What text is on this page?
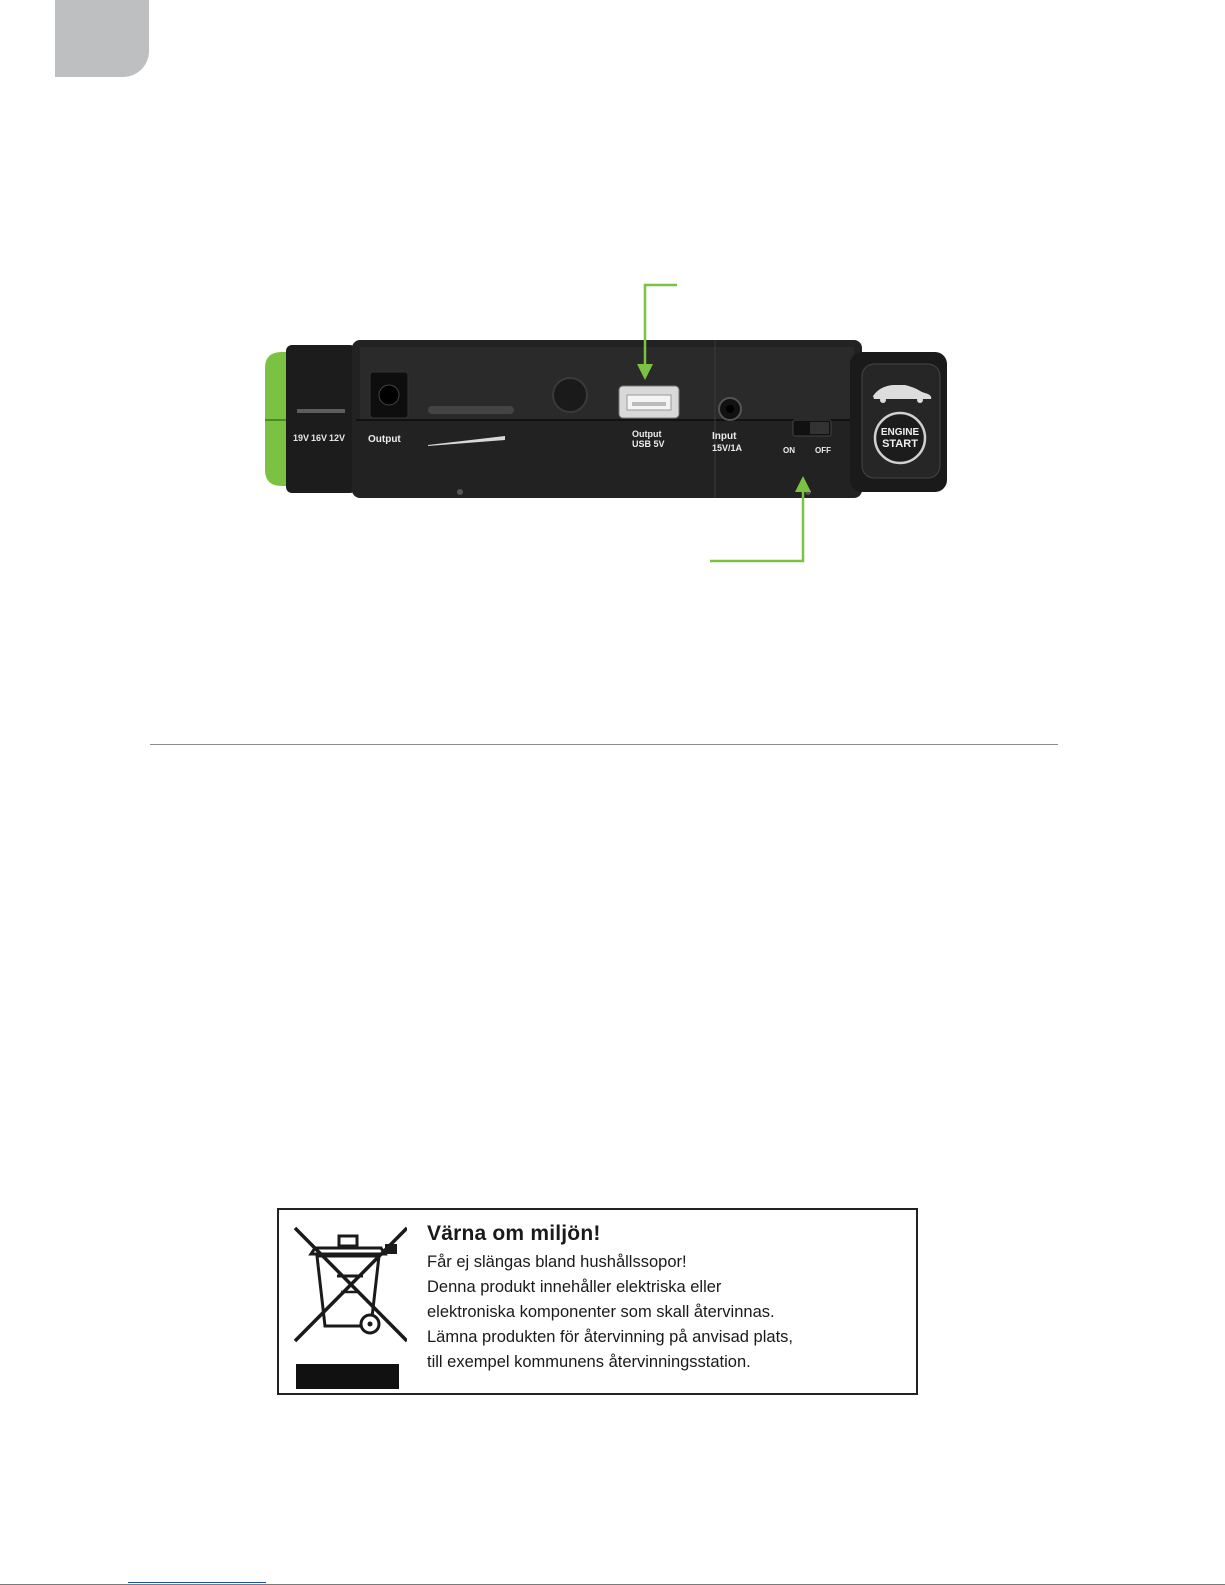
19V 16V 12V Output	Output
USB 5V
Input
15V/1A	ON	OFF
ENGINE
START

Värna om miljön!

Får ej slängas bland hushållssopor!

Denna produkt innehåller elektriska eller

elektroniska komponenter som skall återvinnas.

Lämna produkten för återvinning på anvisad plats,

till exempel kommunens återvinningsstation.
